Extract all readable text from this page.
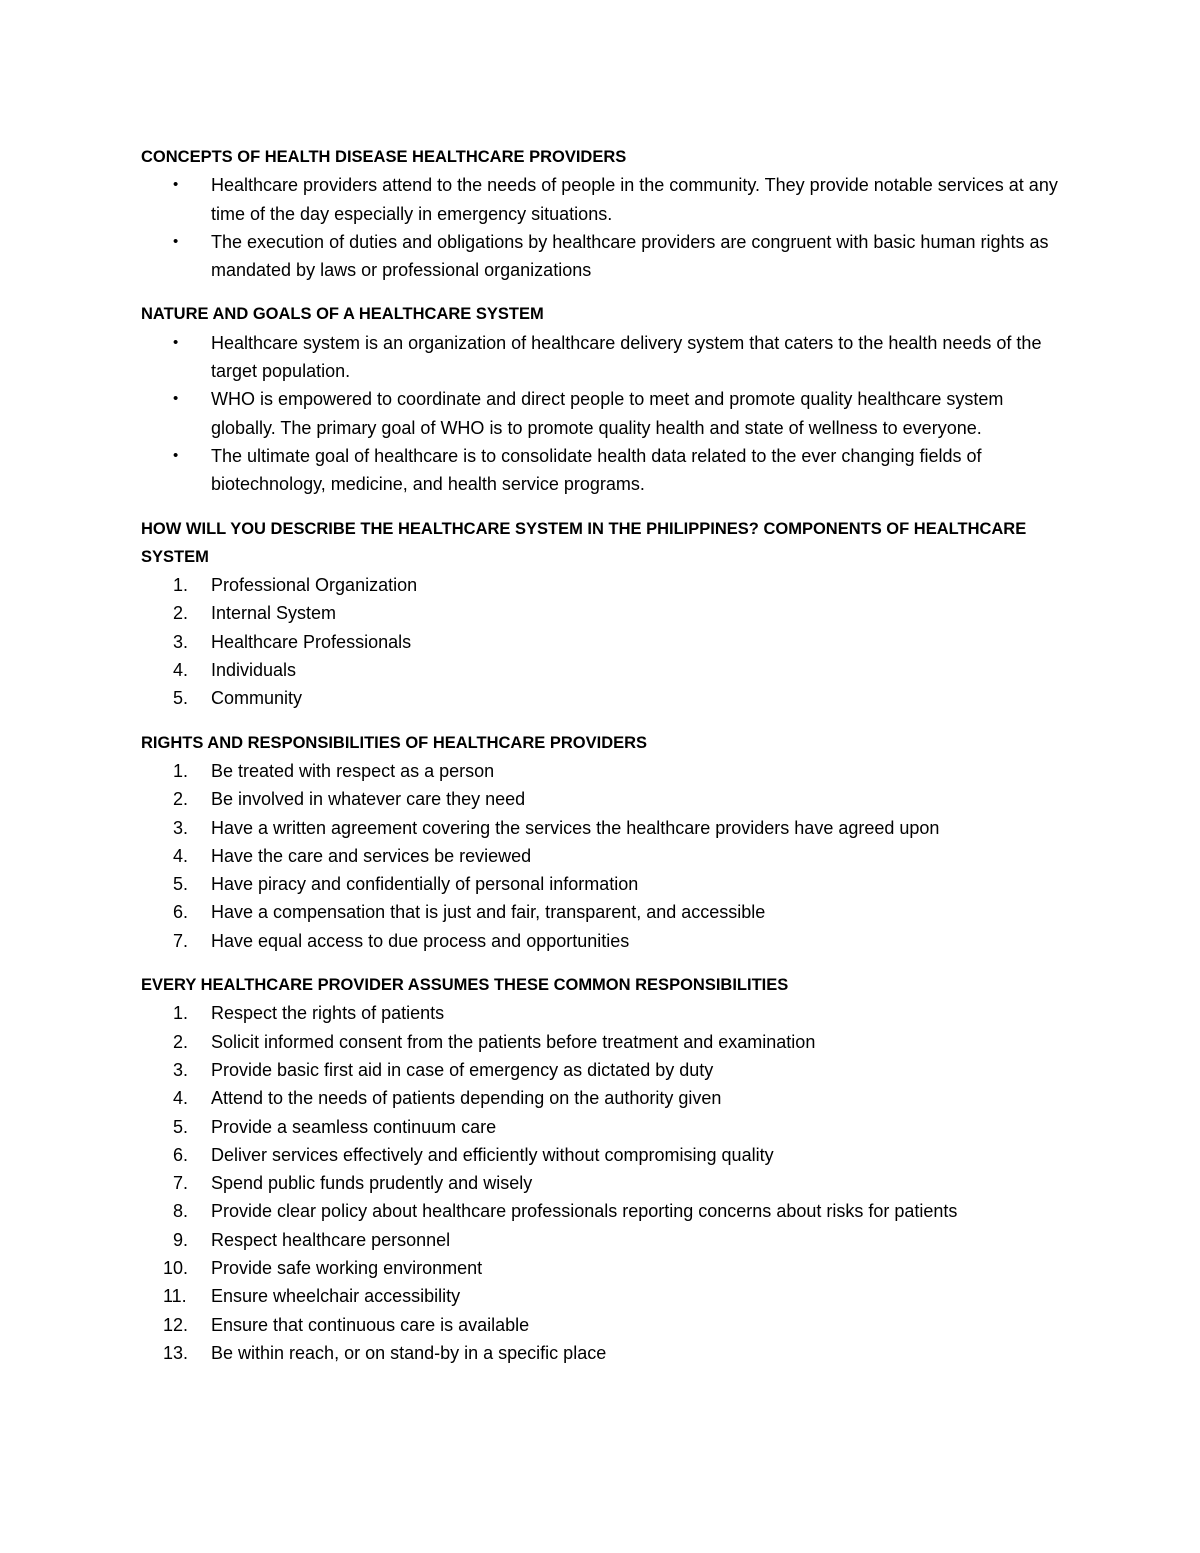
CONCEPTS OF HEALTH DISEASE HEALTHCARE PROVIDERS

•	Healthcare providers attend to the needs of people in the community. They provide notable services at any time of the day especially in emergency situations.
•	The execution of duties and obligations by healthcare providers are congruent with basic human rights as mandated by laws or professional organizations

NATURE AND GOALS OF A HEALTHCARE SYSTEM

•	Healthcare system is an organization of healthcare delivery system that caters to the health needs of the target population.
•	WHO is empowered to coordinate and direct people to meet and promote quality healthcare system globally. The primary goal of WHO is to promote quality health and state of wellness to everyone.
•	The ultimate goal of healthcare is to consolidate health data related to the ever changing fields of biotechnology, medicine, and health service programs.

HOW WILL YOU DESCRIBE THE HEALTHCARE SYSTEM IN THE PHILIPPINES? COMPONENTS OF HEALTHCARE SYSTEM

1.	Professional Organization
2.	Internal System
3.	Healthcare Professionals
4.	Individuals
5.	Community

RIGHTS AND RESPONSIBILITIES OF HEALTHCARE PROVIDERS

1.	Be treated with respect as a person
2.	Be involved in whatever care they need
3.	Have a written agreement covering the services the healthcare providers have agreed upon
4.	Have the care and services be reviewed
5.	Have piracy and confidentially of personal information
6.	Have a compensation that is just and fair, transparent, and accessible
7.	Have equal access to due process and opportunities

EVERY HEALTHCARE PROVIDER ASSUMES THESE COMMON RESPONSIBILITIES

1.	Respect the rights of patients
2.	Solicit informed consent from the patients before treatment and examination
3.	Provide basic first aid in case of emergency as dictated by duty
4.	Attend to the needs of patients depending on the authority given
5.	Provide a seamless continuum care
6.	Deliver services effectively and efficiently without compromising quality
7.	Spend public funds prudently and wisely
8.	Provide clear policy about healthcare professionals reporting concerns about risks for patients
9.	Respect healthcare personnel
10.	Provide safe working environment
11.	Ensure wheelchair accessibility
12.	Ensure that continuous care is available
13.	Be within reach, or on stand-by in a specific place
